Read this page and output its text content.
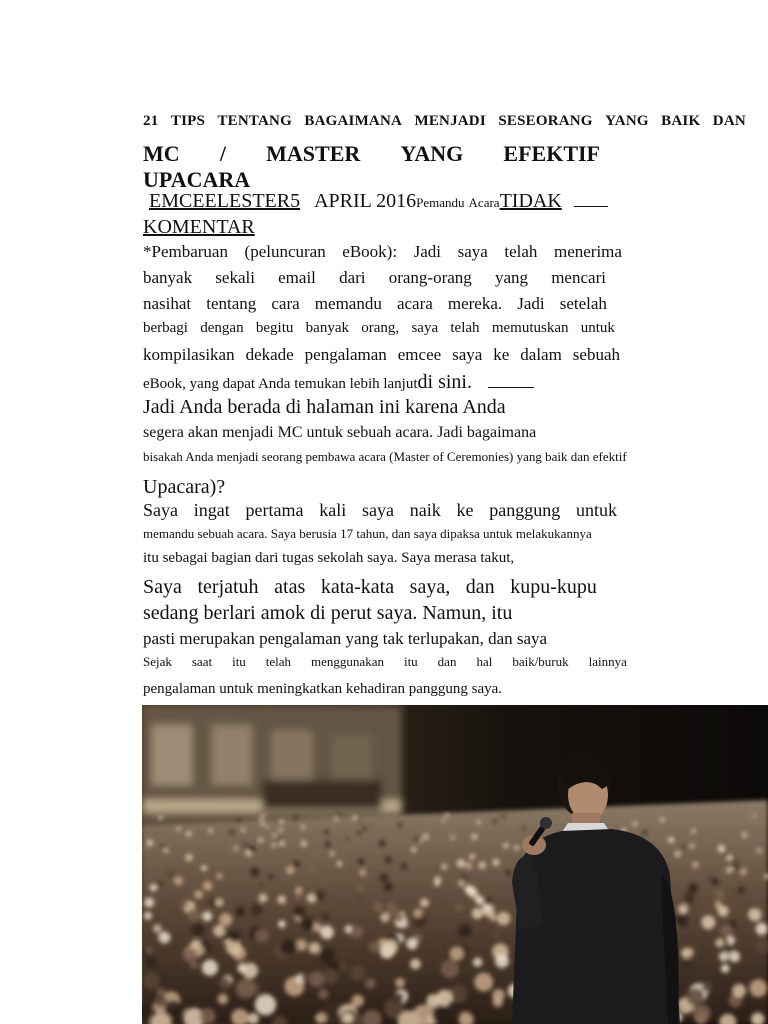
21 TIPS TENTANG BAGAIMANA MENJADI SESEORANG YANG BAIK DAN
MC / MASTER YANG EFEKTIF
UPACARA
EMCEELESTER5 APRIL 2016 Pemandu Acara TIDAK
KOMENTAR
*Pembaruan (peluncuran eBook): Jadi saya telah menerima
banyak sekali email dari orang-orang yang mencari
nasihat tentang cara memandu acara mereka. Jadi setelah
berbagi dengan begitu banyak orang, saya telah memutuskan untuk
kompilasikan dekade pengalaman emcee saya ke dalam sebuah
eBook, yang dapat Anda temukan lebih lanjutdi sini.
Jadi Anda berada di halaman ini karena Anda
segera akan menjadi MC untuk sebuah acara. Jadi bagaimana
bisakah Anda menjadi seorang pembawa acara (Master of Ceremonies) yang baik dan efektif
Upacara)?
Saya ingat pertama kali saya naik ke panggung untuk
memandu sebuah acara. Saya berusia 17 tahun, dan saya dipaksa untuk melakukannya
itu sebagai bagian dari tugas sekolah saya. Saya merasa takut,
Saya terjatuh atas kata-kata saya, dan kupu-kupu
sedang berlari amok di perut saya. Namun, itu
pasti merupakan pengalaman yang tak terlupakan, dan saya
Sejak saat itu telah menggunakan itu dan hal baik/buruk lainnya
pengalaman untuk meningkatkan kehadiran panggung saya.
